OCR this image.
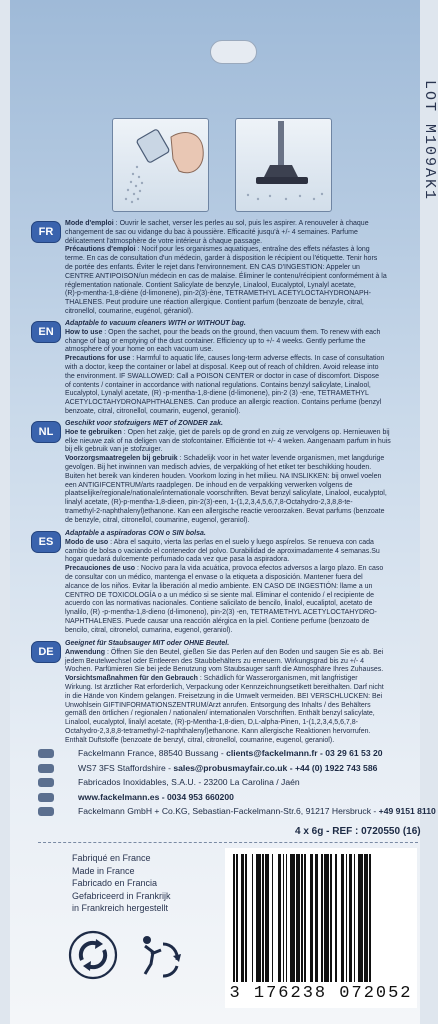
LOT M109AK1
FR
Mode d'emploi : Ouvrir le sachet, verser les perles au sol, puis les aspirer. A renouveler à chaque
changement de sac ou vidange du bac à poussière. Efficacité jusqu'à +/- 4 semaines. Parfume
délicatement l'atmosphère de votre intérieur à chaque passage.
Précautions d'emploi : Nocif pour les organismes aquatiques, entraîne des effets néfastes à long
terme. En cas de consultation d'un médecin, garder à disposition le récipient ou l'étiquette. Tenir hors
de portée des enfants. Éviter le rejet dans l'environnement. EN CAS D'INGESTION: Appeler un
CENTRE ANTIPOISON/un médecin en cas de malaise. Éliminer le contenu/récipient conformément à la
réglementation nationale. Contient Salicylate de benzyle, Linalool, Eucalyptol, Lynalyl acetate,
(R)-p-mentha-1,8-diène (d-limonene), pin-2(3)-ène, TETRAMETHYL ACETYLOCTAHYDRONAPH-
THALENES. Peut produire une réaction allergique. Contient parfum (benzoate de benzyle, citral,
citronellol, coumarine, eugénol, géraniol).
EN
Adaptable to vacuum cleaners WITH or WITHOUT bag.
How to use : Open the sachet, pour the beads on the ground, then vacuum them. To renew with each
change of bag or emptying of the dust container. Efficiency up to +/- 4 weeks. Gently perfume the
atmosphere of your home on each vacuum use.
Precautions for use : Harmful to aquatic life, causes long-term adverse effects. In case of consultation
with a doctor, keep the container or label at disposal. Keep out of reach of children. Avoid release into
the environment. IF SWALLOWED: Call a POISON CENTER or doctor in case of discomfort. Dispose
of contents / container in accordance with national regulations. Contains benzyl salicylate, Linalool,
Eucalyptol, Lynalyl acetate, (R) -p-mentha-1,8-diene (d-limonene), pin-2 (3) -ene, TETRAMETHYL
ACETYLOCTAHYDRONAPHTHALENES. Can produce an allergic reaction. Contains perfume (benzyl
benzoate, citral, citronellol, coumarin, eugenol, geraniol).
NL
Geschikt voor stofzuigers MET of ZONDER zak.
Hoe te gebruiken : Open het zakje, giet de parels op de grond en zuig ze vervolgens op. Hernieuwen bij
elke nieuwe zak of na deligen van de stofcontainer. Efficiëntie tot +/- 4 weken. Aangenaam parfum in huis
bij elk gebruik van je stofzuiger.
Voorzorgsmaatregelen bij gebruik : Schadelijk voor in het water levende organismen, met langdurige
gevolgen. Bij het inwinnen van medisch advies, de verpakking of het etiket ter beschikking houden.
Buiten het bereik van kinderen houden. Voorkom lozing in het milieu. NA INSLIKKEN: bij onwel voelen
een ANTIGIFCENTRUM/arts raadplegen. De inhoud en de verpakking verwerken volgens de
plaatselijke/regionale/nationale/internationale voorschriften. Bevat benzyl salicylate, Linalool, eucalyptol,
linalyl acetate, (R)-p-mentha-1,8-dieen, pin-2(3)-een, 1-(1,2,3,4,5,6,7,8-Octahydro-2,3,8,8-te-
tramethyl-2-naphthalenyl)ethanone. Kan een allergische reactie veroorzaken. Bevat parfums (benzoate
de benzyle, citral, citronellol, coumarine, eugenol, geraniol).
ES
Adaptable a aspiradoras CON o SIN bolsa.
Modo de uso : Abra el saquito, vierta las perlas en el suelo y luego aspírelos. Se renueva con cada
cambio de bolsa o vaciando el contenedor del polvo. Durabilidad de aproximadamente 4 semanas.Su
hogar quedará dulcemente perfumado cada vez que pasa la aspiradora.
Precauciones de uso : Nocivo para la vida acuática, provoca efectos adversos a largo plazo. En caso
de consultar con un médico, mantenga el envase o la etiqueta a disposición. Mantener fuera del
alcance de los niños. Evitar la liberación al medio ambiente. EN CASO DE INGESTIÓN: llame a un
CENTRO DE TOXICOLOGÍA o a un médico si se siente mal. Eliminar el contenido / el recipiente de
acuerdo con las normativas nacionales. Contiene salicilato de bencilo, linalol, eucaliptol, acetato de
lynalilo, (R) -p-mentha-1,8-dieno (d-limoneno), pin-2(3) -en, TETRAMETHYL ACETYLOCTAHYDRO-
NAPHTHALENES. Puede causar una reacción alérgica en la piel. Contiene perfume (benzoato de
bencilo, citral, citronelol, cumarina, eugenol, geraniol).
DE
Geeignet für Staubsauger MIT oder OHNE Beutel.
Anwendung : Öffnen Sie den Beutel, gießen Sie das Perlen auf den Boden und saugen Sie es ab. Bei
jedem Beutelwechsel oder Entleeren des Staubbehälters zu erneuern. Wirkungsgrad bis zu +/- 4
Wochen. Parfümieren Sie bei jede Benutzung vom Staubsauger sanft die Atmosphäre Ihres Zuhauses.
Vorsichtsmaßnahmen für den Gebrauch : Schädlich für Wasserorganismen, mit langfristiger
Wirkung. Ist ärztlicher Rat erforderlich, Verpackung oder Kennzeichnungsetikett bereithalten. Darf nicht
in die Hände von Kindern gelangen. Freisetzung in die Umwelt vermeiden. BEI VERSCHLUCKEN: Bei
Unwohlsein GIFTINFORMATIONSZENTRUM/Arzt anrufen. Entsorgung des Inhalts / des Behälters
gemäß den örtlichen / regionalen / nationalen/ internationalen Vorschriften. Enthält benzyl salicylate,
Linalool, eucalyptol, linalyl acetate, (R)-p-Mentha-1,8-dien, D,L-alpha-Pinen, 1-(1,2,3,4,5,6,7,8-
Octahydro-2,3,8,8-tetramethyl-2-naphthalenyl)ethanone. Kann allergische Reaktionen hervorrufen.
Enthält Duftstoffe (benzoate de benzyl, citral, citronellol, coumarine, eugenol, geraniol).
Fackelmann France, 88540 Bussang - clients@fackelmann.fr - 03 29 61 53 20
WS7 3FS Staffordshire - sales@probusmayfair.co.uk - +44 (0) 1922 743 586
Fabricados Inoxidables, S.A.U. - 23200 La Carolina / Jaén
www.fackelmann.es - 0034 953 660200
Fackelmann GmbH + Co.KG, Sebastian-Fackelmann-Str.6, 91217 Hersbruck - +49 9151 8110
4 x 6g - REF : 0720550 (16)
Fabriqué en France
Made in France
Fabricado en Francia
Gefabriceerd in Frankrijk
in Frankreich hergestellt
3 176238 072052
